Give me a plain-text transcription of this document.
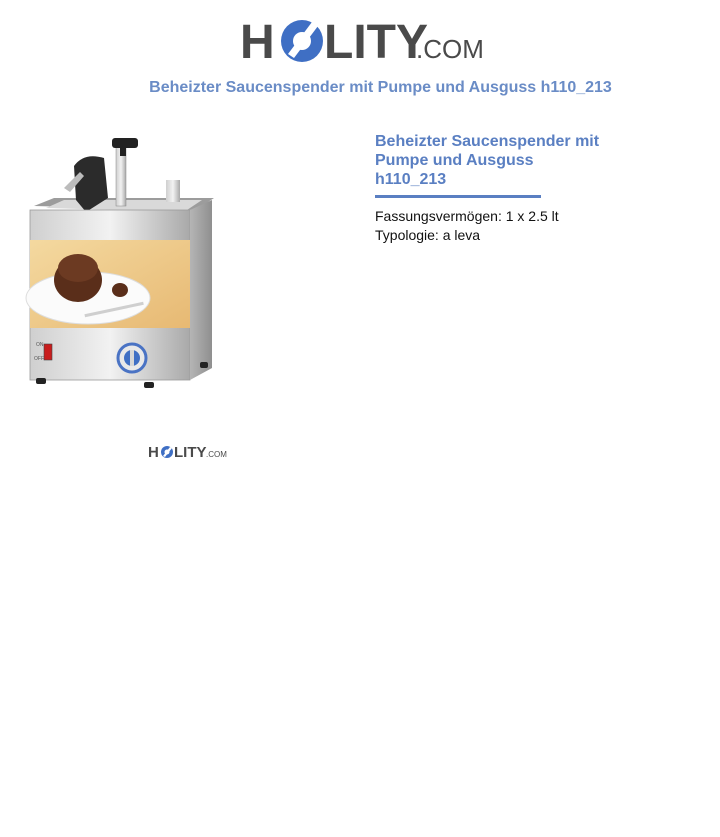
H LITY
.COM
Beheizter Saucenspender mit Pumpe und Ausguss h110_213
ON
OFF
H LITY .COM
Beheizter Saucenspender mit
Pumpe und Ausguss
h110_213

Fassungsvermögen: 1 x 2.5 lt

Typologie: a leva
